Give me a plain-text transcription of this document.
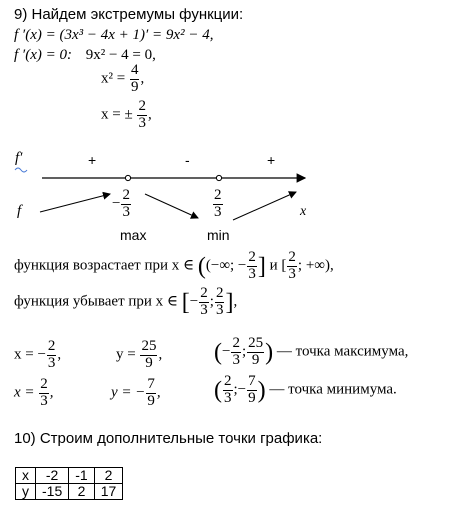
9) Найдем экстремумы функции:
f ′(x) = (3x³ − 4x + 1)′ = 9x² − 4,
f ′(x) = 0: 9x² − 4 = 0,
$x^2 = \frac{4}{9}$ ,
x = ± $\frac{2}{3}$ ,
f′	+	-	+
f	− $\frac{2}{3}$	$\frac{2}{3}$	x
max	min
функция возрастает при x ∈ ((−∞; − $\frac{2}{3}$ ] и [ $\frac{2}{3}$ ; +∞),
функция убывает при x ∈ [− $\frac{2}{3}$ ; $\frac{2}{3}$ ],
x = − $\frac{2}{3}$ ,	$y = \frac{25}{9}$ , (− $\frac{2}{3}$ ; $\frac{25}{9}$ ) — точка максимума,
$x = \frac{2}{3}$ ,	y = − $\frac{7}{9}$ , ( $\frac{2}{3}$ ;− $\frac{7}{9}$ ) — точка минимума.
10) Строим дополнительные точки графика:
x	-2	-1	2
y	-15	2	17
